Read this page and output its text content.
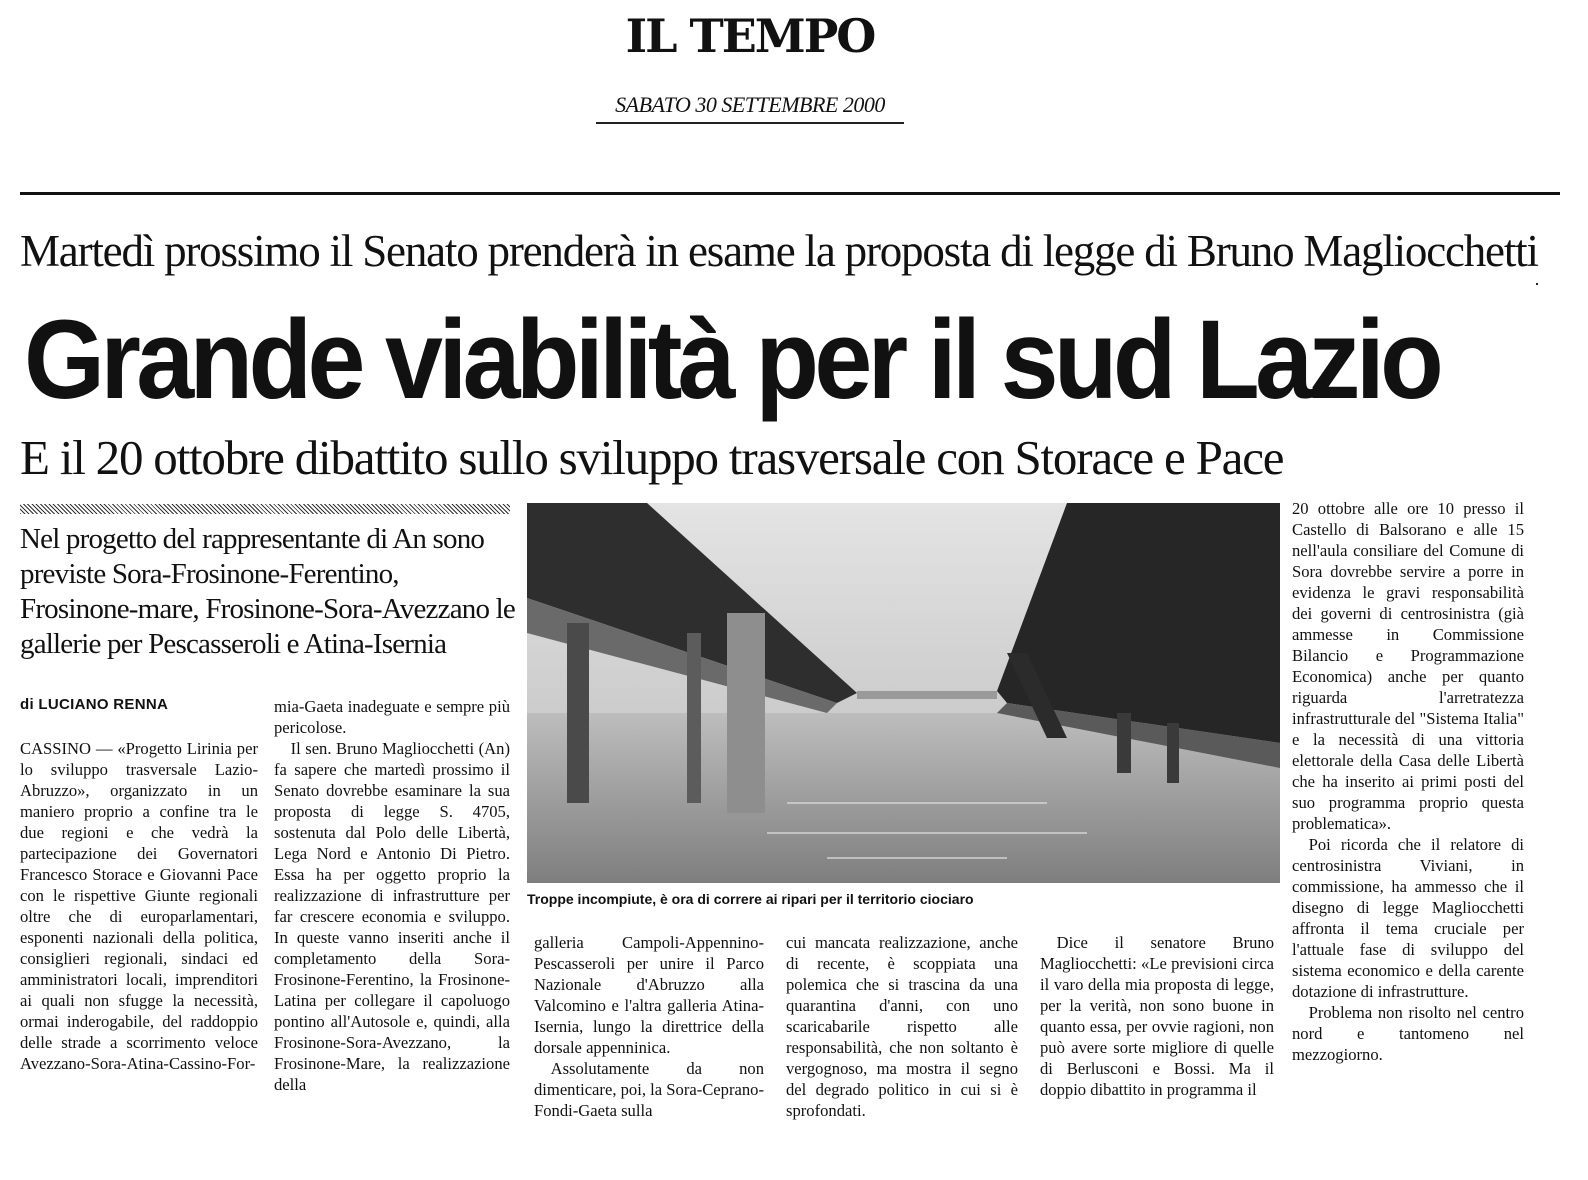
IL TEMPO
SABATO 30 SETTEMBRE 2000
Martedì prossimo il Senato prenderà in esame la proposta di legge di Bruno Magliocchetti
Grande viabilità per il sud Lazio
E il 20 ottobre dibattito sullo sviluppo trasversale con Storace e Pace
Nel progetto del rappresentante di An sono previste Sora-Frosinone-Ferentino, Frosinone-mare, Frosinone-Sora-Avezzano le gallerie per Pescasseroli e Atina-Isernia
di LUCIANO RENNA

CASSINO — «Progetto Lirinia per lo sviluppo trasversale Lazio-Abruzzo», organizzato in un maniero proprio a confine tra le due regioni e che vedrà la partecipazione dei Governatori Francesco Storace e Giovanni Pace con le rispettive Giunte regionali oltre che di europarlamentari, esponenti nazionali della politica, consiglieri regionali, sindaci ed amministratori locali, imprenditori ai quali non sfugge la necessità, ormai inderogabile, del raddoppio delle strade a scorrimento veloce Avezzano-Sora-Atina-Cassino-For-

mia-Gaeta inadeguate e sempre più pericolose.

Il sen. Bruno Magliocchetti (An) fa sapere che martedì prossimo il Senato dovrebbe esaminare la sua proposta di legge S. 4705, sostenuta dal Polo delle Libertà, Lega Nord e Antonio Di Pietro. Essa ha per oggetto proprio la realizzazione di infrastrutture per far crescere economia e sviluppo. In queste vanno inseriti anche il completamento della Sora-Frosinone-Ferentino, la Frosinone-Latina per collegare il capoluogo pontino all'Autosole e, quindi, alla Frosinone-Sora-Avezzano, la Frosinone-Mare, la realizzazione della

Troppe incompiute, è ora di correre ai ripari per il territorio ciociaro

galleria Campoli-Appennino-Pescasseroli per unire il Parco Nazionale d'Abruzzo alla Valcomino e l'altra galleria Atina-Isernia, lungo la direttrice della dorsale appenninica.

Assolutamente da non dimenticare, poi, la Sora-Ceprano-Fondi-Gaeta sulla

cui mancata realizzazione, anche di recente, è scoppiata una polemica che si trascina da una quarantina d'anni, con uno scaricabarile rispetto alle responsabilità, che non soltanto è vergognoso, ma mostra il segno del degrado politico in cui si è sprofondati.

Dice il senatore Bruno Magliocchetti: «Le previsioni circa il varo della mia proposta di legge, per la verità, non sono buone in quanto essa, per ovvie ragioni, non può avere sorte migliore di quelle di Berlusconi e Bossi. Ma il doppio dibattito in programma il

20 ottobre alle ore 10 presso il Castello di Balsorano e alle 15 nell'aula consiliare del Comune di Sora dovrebbe servire a porre in evidenza le gravi responsabilità dei governi di centrosinistra (già ammesse in Commissione Bilancio e Programmazione Economica) anche per quanto riguarda l'arretratezza infrastrutturale del "Sistema Italia" e la necessità di una vittoria elettorale della Casa delle Libertà che ha inserito ai primi posti del suo programma proprio questa problematica».

Poi ricorda che il relatore di centrosinistra Viviani, in commissione, ha ammesso che il disegno di legge Magliocchetti affronta il tema cruciale per l'attuale fase di sviluppo del sistema economico e della carente dotazione di infrastrutture.

Problema non risolto nel centro nord e tantomeno nel mezzogiorno.
